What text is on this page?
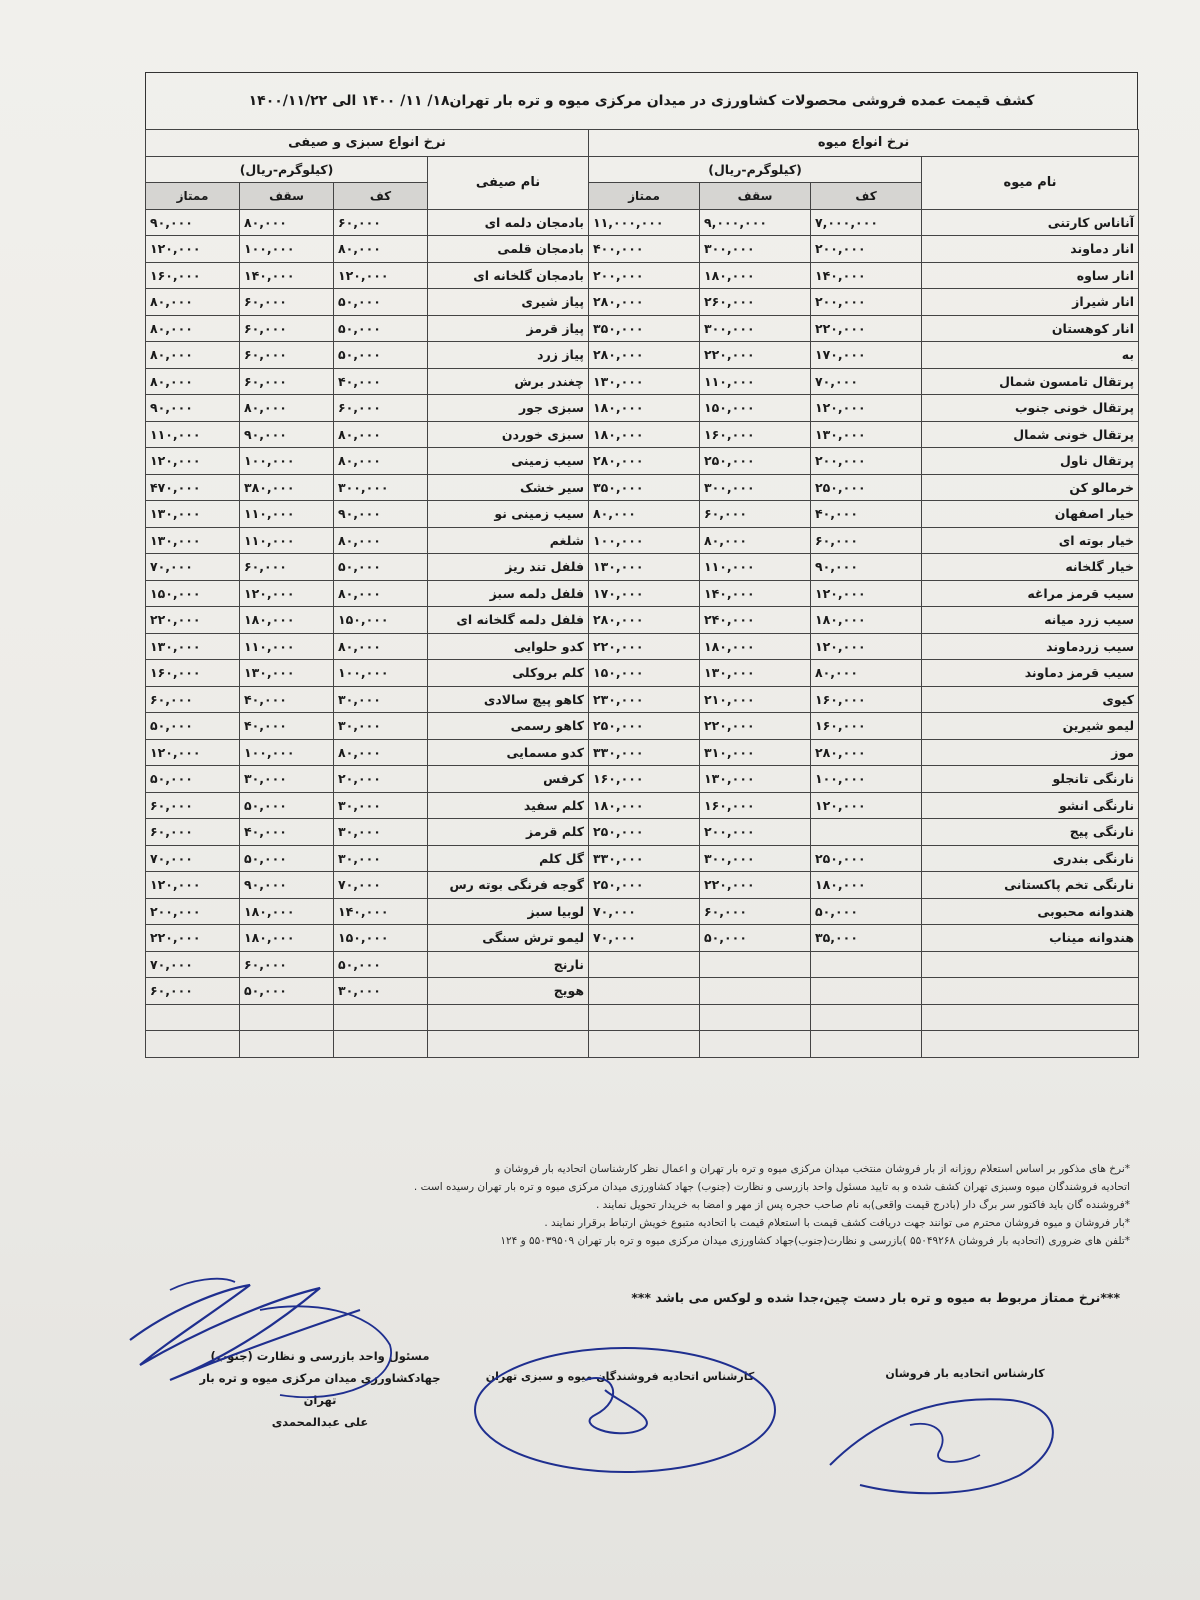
کشف قیمت عمده فروشی محصولات کشاورزی در میدان مرکزی میوه و تره بار تهران۱۸/ ۱۱/ ۱۴۰۰ الی ۱۴۰۰/۱۱/۲۲
نرخ انواع میوه				نرخ انواع سبزی و صیفی			
نام میوه	(کیلوگرم-ریال)			نام صیفی	(کیلوگرم-ریال)		
	کف	سقف	ممتاز		کف	سقف	ممتاز
آناناس کارتنی	۷,۰۰۰,۰۰۰	۹,۰۰۰,۰۰۰	۱۱,۰۰۰,۰۰۰	بادمجان دلمه ای	۶۰,۰۰۰	۸۰,۰۰۰	۹۰,۰۰۰
انار دماوند	۲۰۰,۰۰۰	۳۰۰,۰۰۰	۴۰۰,۰۰۰	بادمجان قلمی	۸۰,۰۰۰	۱۰۰,۰۰۰	۱۲۰,۰۰۰
انار ساوه	۱۴۰,۰۰۰	۱۸۰,۰۰۰	۲۰۰,۰۰۰	بادمجان گلخانه ای	۱۲۰,۰۰۰	۱۴۰,۰۰۰	۱۶۰,۰۰۰
انار شیراز	۲۰۰,۰۰۰	۲۶۰,۰۰۰	۲۸۰,۰۰۰	پیاز شیری	۵۰,۰۰۰	۶۰,۰۰۰	۸۰,۰۰۰
انار کوهستان	۲۲۰,۰۰۰	۳۰۰,۰۰۰	۳۵۰,۰۰۰	پیاز قرمز	۵۰,۰۰۰	۶۰,۰۰۰	۸۰,۰۰۰
به	۱۷۰,۰۰۰	۲۲۰,۰۰۰	۲۸۰,۰۰۰	پیاز زرد	۵۰,۰۰۰	۶۰,۰۰۰	۸۰,۰۰۰
پرتقال تامسون شمال	۷۰,۰۰۰	۱۱۰,۰۰۰	۱۳۰,۰۰۰	چغندر برش	۴۰,۰۰۰	۶۰,۰۰۰	۸۰,۰۰۰
پرتقال خونی جنوب	۱۲۰,۰۰۰	۱۵۰,۰۰۰	۱۸۰,۰۰۰	سبزی جور	۶۰,۰۰۰	۸۰,۰۰۰	۹۰,۰۰۰
پرتقال خونی شمال	۱۳۰,۰۰۰	۱۶۰,۰۰۰	۱۸۰,۰۰۰	سبزی خوردن	۸۰,۰۰۰	۹۰,۰۰۰	۱۱۰,۰۰۰
پرتقال ناول	۲۰۰,۰۰۰	۲۵۰,۰۰۰	۲۸۰,۰۰۰	سیب زمینی	۸۰,۰۰۰	۱۰۰,۰۰۰	۱۲۰,۰۰۰
خرمالو کن	۲۵۰,۰۰۰	۳۰۰,۰۰۰	۳۵۰,۰۰۰	سیر خشک	۳۰۰,۰۰۰	۳۸۰,۰۰۰	۴۷۰,۰۰۰
خیار اصفهان	۴۰,۰۰۰	۶۰,۰۰۰	۸۰,۰۰۰	سیب زمینی نو	۹۰,۰۰۰	۱۱۰,۰۰۰	۱۳۰,۰۰۰
خیار بوته ای	۶۰,۰۰۰	۸۰,۰۰۰	۱۰۰,۰۰۰	شلغم	۸۰,۰۰۰	۱۱۰,۰۰۰	۱۳۰,۰۰۰
خیار گلخانه	۹۰,۰۰۰	۱۱۰,۰۰۰	۱۳۰,۰۰۰	فلفل تند ریز	۵۰,۰۰۰	۶۰,۰۰۰	۷۰,۰۰۰
سیب قرمز مراغه	۱۲۰,۰۰۰	۱۴۰,۰۰۰	۱۷۰,۰۰۰	فلفل دلمه سبز	۸۰,۰۰۰	۱۲۰,۰۰۰	۱۵۰,۰۰۰
سیب زرد میانه	۱۸۰,۰۰۰	۲۴۰,۰۰۰	۲۸۰,۰۰۰	فلفل دلمه گلخانه ای	۱۵۰,۰۰۰	۱۸۰,۰۰۰	۲۲۰,۰۰۰
سیب زردماوند	۱۲۰,۰۰۰	۱۸۰,۰۰۰	۲۲۰,۰۰۰	کدو حلوایی	۸۰,۰۰۰	۱۱۰,۰۰۰	۱۳۰,۰۰۰
سیب قرمز دماوند	۸۰,۰۰۰	۱۳۰,۰۰۰	۱۵۰,۰۰۰	کلم بروکلی	۱۰۰,۰۰۰	۱۳۰,۰۰۰	۱۶۰,۰۰۰
کیوی	۱۶۰,۰۰۰	۲۱۰,۰۰۰	۲۳۰,۰۰۰	کاهو پیچ سالادی	۳۰,۰۰۰	۴۰,۰۰۰	۶۰,۰۰۰
لیمو شیرین	۱۶۰,۰۰۰	۲۲۰,۰۰۰	۲۵۰,۰۰۰	کاهو رسمی	۳۰,۰۰۰	۴۰,۰۰۰	۵۰,۰۰۰
موز	۲۸۰,۰۰۰	۳۱۰,۰۰۰	۳۳۰,۰۰۰	کدو مسمایی	۸۰,۰۰۰	۱۰۰,۰۰۰	۱۲۰,۰۰۰
نارنگی تانجلو	۱۰۰,۰۰۰	۱۳۰,۰۰۰	۱۶۰,۰۰۰	کرفس	۲۰,۰۰۰	۳۰,۰۰۰	۵۰,۰۰۰
نارنگی انشو	۱۲۰,۰۰۰	۱۶۰,۰۰۰	۱۸۰,۰۰۰	کلم سفید	۳۰,۰۰۰	۵۰,۰۰۰	۶۰,۰۰۰
نارنگی پیج		۲۰۰,۰۰۰	۲۵۰,۰۰۰	کلم قرمز	۳۰,۰۰۰	۴۰,۰۰۰	۶۰,۰۰۰
نارنگی بندری	۲۵۰,۰۰۰	۳۰۰,۰۰۰	۳۳۰,۰۰۰	گل کلم	۳۰,۰۰۰	۵۰,۰۰۰	۷۰,۰۰۰
نارنگی تخم پاکستانی	۱۸۰,۰۰۰	۲۲۰,۰۰۰	۲۵۰,۰۰۰	گوجه فرنگی بوته رس	۷۰,۰۰۰	۹۰,۰۰۰	۱۲۰,۰۰۰
هندوانه محبوبی	۵۰,۰۰۰	۶۰,۰۰۰	۷۰,۰۰۰	لوبیا سبز	۱۴۰,۰۰۰	۱۸۰,۰۰۰	۲۰۰,۰۰۰
هندوانه میناب	۳۵,۰۰۰	۵۰,۰۰۰	۷۰,۰۰۰	لیمو ترش سنگی	۱۵۰,۰۰۰	۱۸۰,۰۰۰	۲۲۰,۰۰۰
				نارنج	۵۰,۰۰۰	۶۰,۰۰۰	۷۰,۰۰۰
				هویج	۳۰,۰۰۰	۵۰,۰۰۰	۶۰,۰۰۰

*نرخ های مذکور بر اساس استعلام روزانه از بار فروشان منتخب میدان مرکزی میوه و تره بار تهران و اعمال نظر کارشناسان اتحادیه بار فروشان و
اتحادیه فروشندگان میوه وسبزی تهران کشف شده و به تایید مسئول واحد بازرسی و نظارت (جنوب) جهاد کشاورزی میدان مرکزی میوه و تره بار تهران رسیده است .
*فروشنده گان باید فاکتور سر برگ دار (بادرج قیمت واقعی)به نام صاحب حجره پس از مهر و امضا به خریدار تحویل نمایند .
*بار فروشان و میوه فروشان محترم می توانند جهت دریافت کشف قیمت با استعلام قیمت با اتحادیه متبوع خویش ارتباط برقرار نمایند .
*تلفن های ضروری (اتحادیه بار فروشان ۵۵۰۴۹۲۶۸ )بازرسی و نظارت(جنوب)جهاد کشاورزی میدان مرکزی میوه و تره بار تهران ۵۵۰۳۹۵۰۹ و ۱۲۴
***نرخ ممتاز مربوط به میوه و تره بار دست چین،جدا شده و لوکس می باشد ***
مسئول واحد بازرسی و نظارت (جنوب)
جهادکشاورزی میدان مرکزی میوه و تره بار تهران
علی عبدالمحمدی
کارشناس اتحادیه فروشندگان میوه و سبزی تهران	کارشناس اتحادیه بار فروشان
